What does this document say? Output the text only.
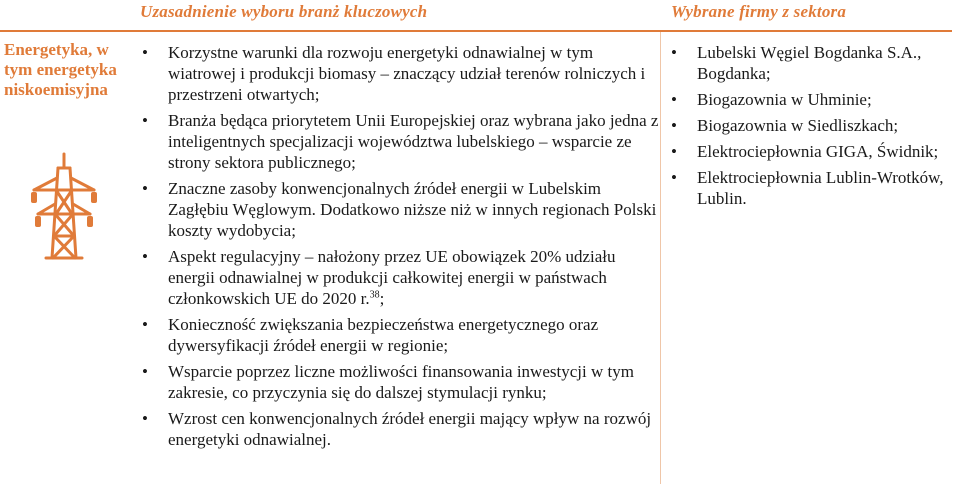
Uzasadnienie wyboru branż kluczowych	Wybrane firmy z sektora
Energetyka, w tym energetyka niskoemisyjna
• Korzystne warunki dla rozwoju energetyki odnawialnej w tym wiatrowej i produkcji biomasy – znaczący udział terenów rolniczych i przestrzeni otwartych;
• Branża będąca priorytetem Unii Europejskiej oraz wybrana jako jedna z inteligentnych specjalizacji województwa lubelskiego – wsparcie ze strony sektora publicznego;
• Znaczne zasoby konwencjonalnych źródeł energii w Lubelskim Zagłębiu Węglowym. Dodatkowo niższe niż w innych regionach Polski koszty wydobycia;
• Aspekt regulacyjny – nałożony przez UE obowiązek 20% udziału energii odnawialnej w produkcji całkowitej energii w państwach członkowskich UE do 2020 r.$^{38}$;
• Konieczność zwiększania bezpieczeństwa energetycznego oraz dywersyfikacji źródeł energii w regionie;
• Wsparcie poprzez liczne możliwości finansowania inwestycji w tym zakresie, co przyczynia się do dalszej stymulacji rynku;
• Wzrost cen konwencjonalnych źródeł energii mający wpływ na rozwój energetyki odnawialnej.
• Lubelski Węgiel Bogdanka S.A., Bogdanka;
• Biogazownia w Uhminie;
• Biogazownia w Siedliszkach;
• Elektrociepłownia GIGA, Świdnik;
• Elektrociepłownia Lublin-Wrotków, Lublin.
